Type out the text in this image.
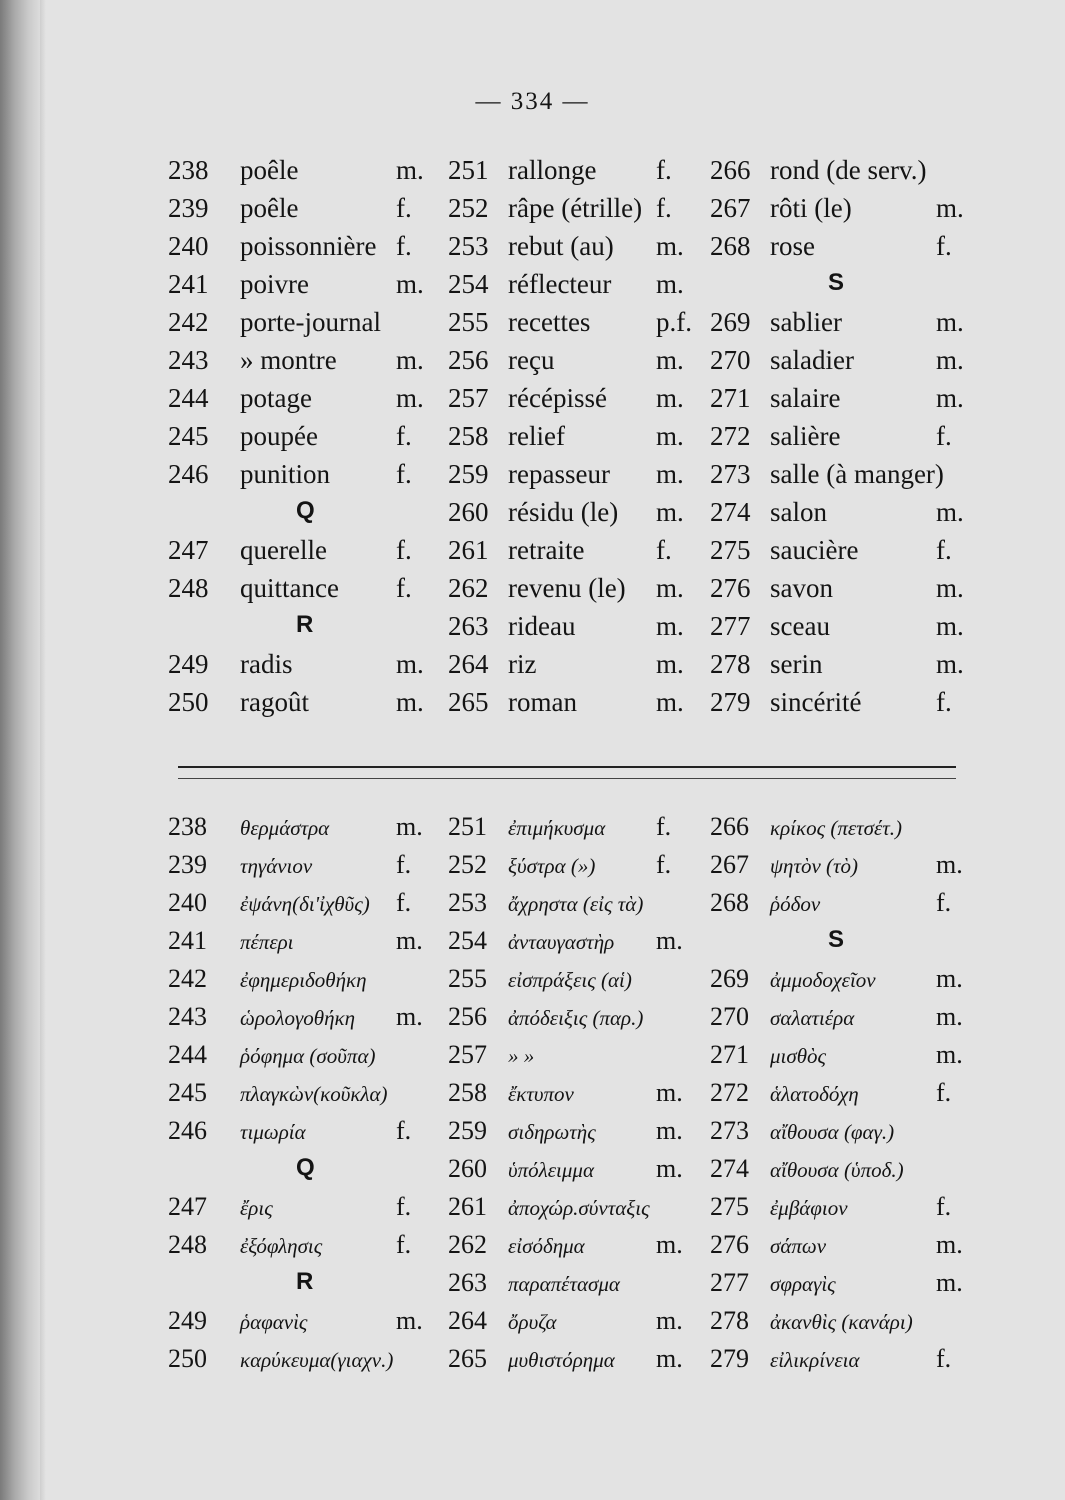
— 334 —
238 poêle	m. 251 rallonge f. 266 rond (de serv.)
239 poêle	f. 252 râpe (étrille) f. 267 rôti (le)	m.
240 poissonnière f. 253 rebut (au) m. 268 rose	f.
241 poivre	m. 254 réflecteur m.	S
242 porte-journal 255 recettes p.f. 269 sablier	m.
243 » montre m. 256 reçu	m. 270 saladier	m.
244 potage	m. 257 récépissé m. 271 salaire	m.
245 poupée	f. 258 relief	m. 272 salière	f.
246 punition f. 259 repasseur m. 273 salle (à manger)
Q	260 résidu (le) m. 274 salon	m.
247 querelle	f. 261 retraite	f. 275 saucière	f.
248 quittance f. 262 revenu (le) m. 276 savon	m.
R	263 rideau	m. 277 sceau	m.
249 radis	m. 264 riz	m. 278 serin	m.
250 ragoût	m. 265 roman	m. 279 sincérité	f.
238 θερμάστρα	m. 251 ἐπιμήκυσμα f. 266 κρίκος (πετσέτ.)
239 τηγάνιον	f. 252 ξύστρα (») f. 267 ψητὸν (τὸ)	m.
240 ἐψάνη(δι'ἰχθῦς) f. 253 ἄχρηστα (εἰς τὰ)	268 ῥόδον	f.
241 πέπερι	m. 254 ἀνταυγαστὴρ m.	S
242 ἐφημεριδοθήκη	255 εἰσπράξεις (αἱ)	269 ἀμμοδοχεῖον m.
243 ὡρολογοθήκη m. 256 ἀπόδειξις (παρ.)	270 σαλατιέρα	m.
244 ῥόφημα (σοῦπα)	257 » »	271 μισθὸς	m.
245 πλαγκὼν(κοῦκλα) 258 ἔκτυπον	m. 272 ἁλατοδόχη	f.
246 τιμωρία	f. 259 σιδηρωτὴς m. 273 αἴθουσα (φαγ.)
Q	260 ὑπόλειμμα m. 274 αἴθουσα (ὑποδ.)
247 ἔρις	f. 261 ἀποχώρ.σύνταξις 275 ἐμβάφιον	f.
248 ἐξόφλησις	f. 262 εἰσόδημα	m. 276 σάπων	m.
R	263 παραπέτασμα	277 σφραγὶς	m.
249 ῥαφανὶς	m. 264 ὄρυζα	m. 278 ἀκανθὶς (κανάρι)
250 καρύκευμα(γιαχν.) 265 μυθιστόρημα m. 279 εἰλικρίνεια	f.
